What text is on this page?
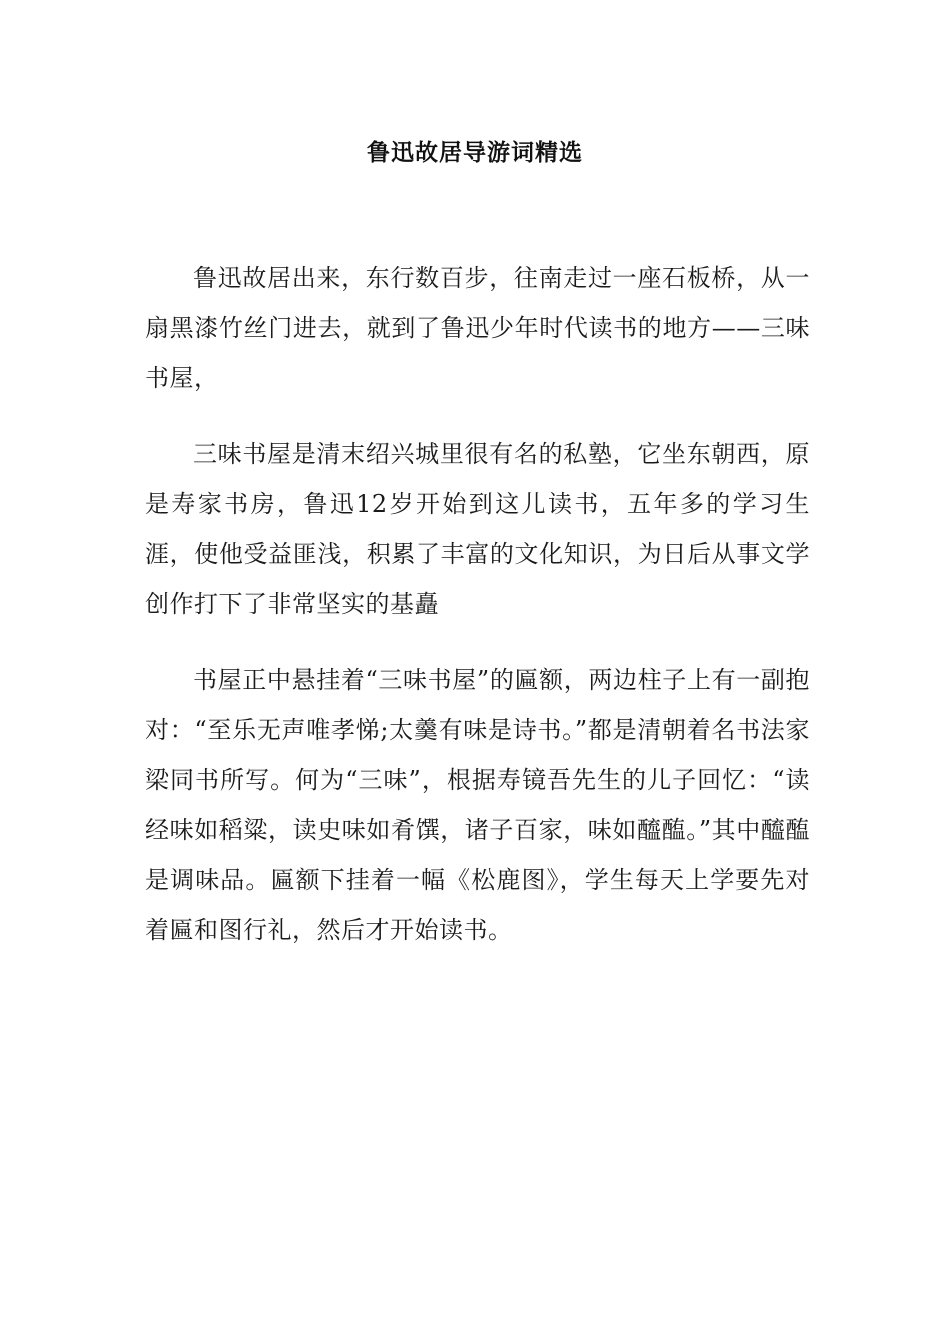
鲁迅故居导游词精选

鲁迅故居出来，东行数百步，往南走过一座石板桥，从一扇黑漆竹丝门进去，就到了鲁迅少年时代读书的地方——三味书屋，

三味书屋是清末绍兴城里很有名的私塾，它坐东朝西，原是寿家书房，鲁迅12岁开始到这儿读书，五年多的学习生涯，使他受益匪浅，积累了丰富的文化知识，为日后从事文学创作打下了非常坚实的基矗

书屋正中悬挂着“三味书屋”的匾额，两边柱子上有一副抱对：“至乐无声唯孝悌;太羹有味是诗书。”都是清朝着名书法家梁同书所写。何为“三味”，根据寿镜吾先生的儿子回忆：“读经味如稻粱，读史味如肴馔，诸子百家，味如醯醢。”其中醯醢是调味品。匾额下挂着一幅《松鹿图》，学生每天上学要先对着匾和图行礼，然后才开始读书。
